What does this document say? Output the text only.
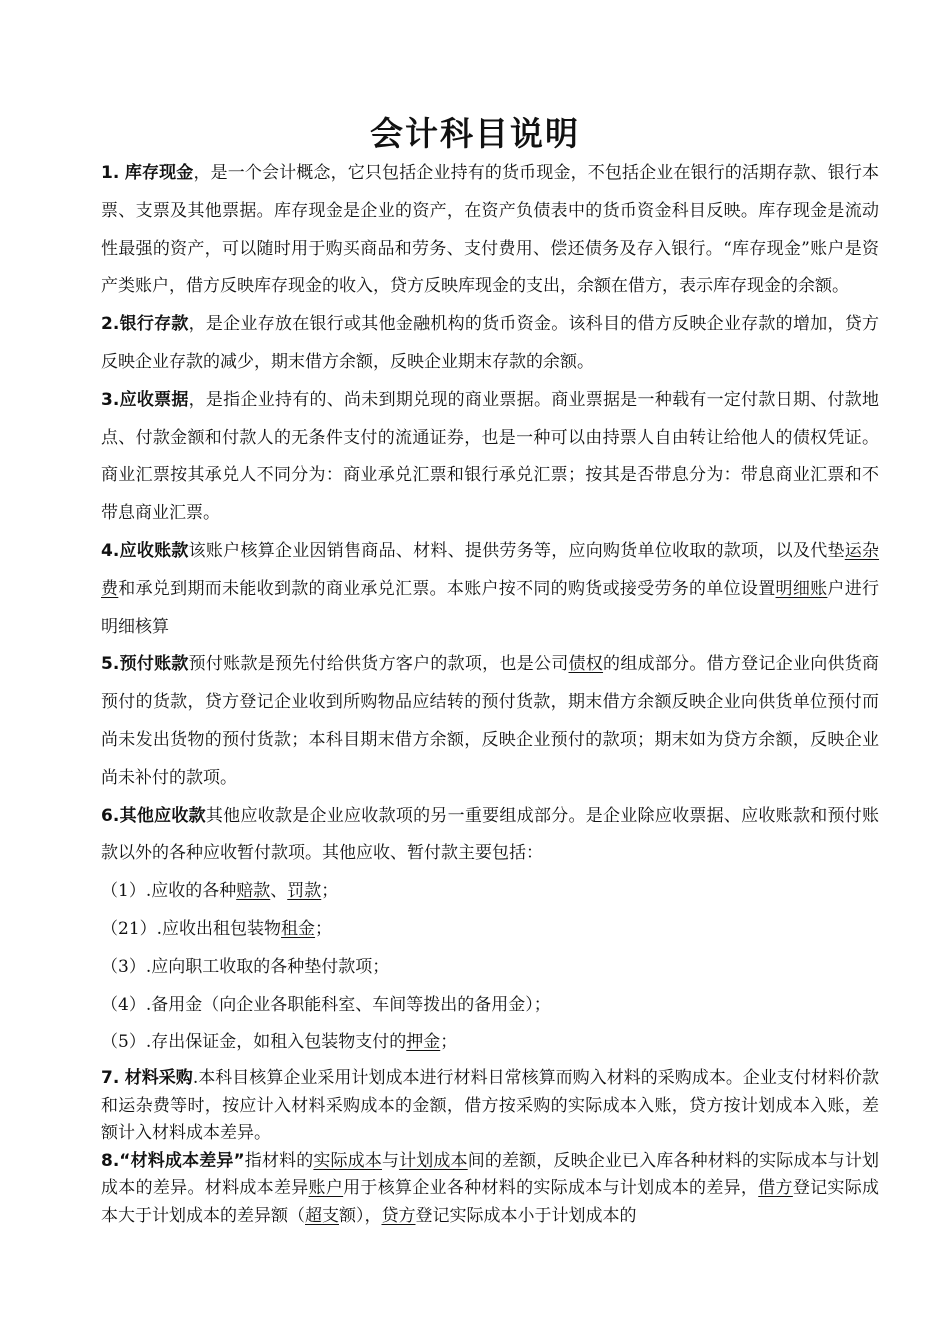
会计科目说明

1. 库存现金，是一个会计概念，它只包括企业持有的货币现金，不包括企业在银行的活期存款、银行本票、支票及其他票据。库存现金是企业的资产，在资产负债表中的货币资金科目反映。库存现金是流动性最强的资产，可以随时用于购买商品和劳务、支付费用、偿还债务及存入银行。“库存现金”账户是资产类账户，借方反映库存现金的收入，贷方反映库现金的支出，余额在借方，表示库存现金的余额。

2.银行存款，是企业存放在银行或其他金融机构的货币资金。该科目的借方反映企业存款的增加，贷方反映企业存款的减少，期末借方余额，反映企业期末存款的余额。

3.应收票据，是指企业持有的、尚未到期兑现的商业票据。商业票据是一种载有一定付款日期、付款地点、付款金额和付款人的无条件支付的流通证券，也是一种可以由持票人自由转让给他人的债权凭证。商业汇票按其承兑人不同分为：商业承兑汇票和银行承兑汇票；按其是否带息分为：带息商业汇票和不带息商业汇票。

4.应收账款该账户核算企业因销售商品、材料、提供劳务等，应向购货单位收取的款项，以及代垫运杂费和承兑到期而未能收到款的商业承兑汇票。本账户按不同的购货或接受劳务的单位设置明细账户进行明细核算

5.预付账款预付账款是预先付给供货方客户的款项，也是公司债权的组成部分。借方登记企业向供货商预付的货款，贷方登记企业收到所购物品应结转的预付货款，期末借方余额反映企业向供货单位预付而尚未发出货物的预付货款；本科目期末借方余额，反映企业预付的款项；期末如为贷方余额，反映企业尚未补付的款项。

6.其他应收款其他应收款是企业应收款项的另一重要组成部分。是企业除应收票据、应收账款和预付账款以外的各种应收暂付款项。其他应收、暂付款主要包括：

（1）.应收的各种赔款、罚款；

（21）.应收出租包装物租金；

（3）.应向职工收取的各种垫付款项；

（4）.备用金（向企业各职能科室、车间等拨出的备用金）；

（5）.存出保证金，如租入包装物支付的押金；

7. 材料采购.本科目核算企业采用计划成本进行材料日常核算而购入材料的采购成本。企业支付材料价款和运杂费等时，按应计入材料采购成本的金额，借方按采购的实际成本入账，贷方按计划成本入账，差额计入材料成本差异。

8.“材料成本差异”指材料的实际成本与计划成本间的差额，反映企业已入库各种材料的实际成本与计划成本的差异。材料成本差异账户用于核算企业各种材料的实际成本与计划成本的差异，借方登记实际成本大于计划成本的差异额（超支额），贷方登记实际成本小于计划成本的
